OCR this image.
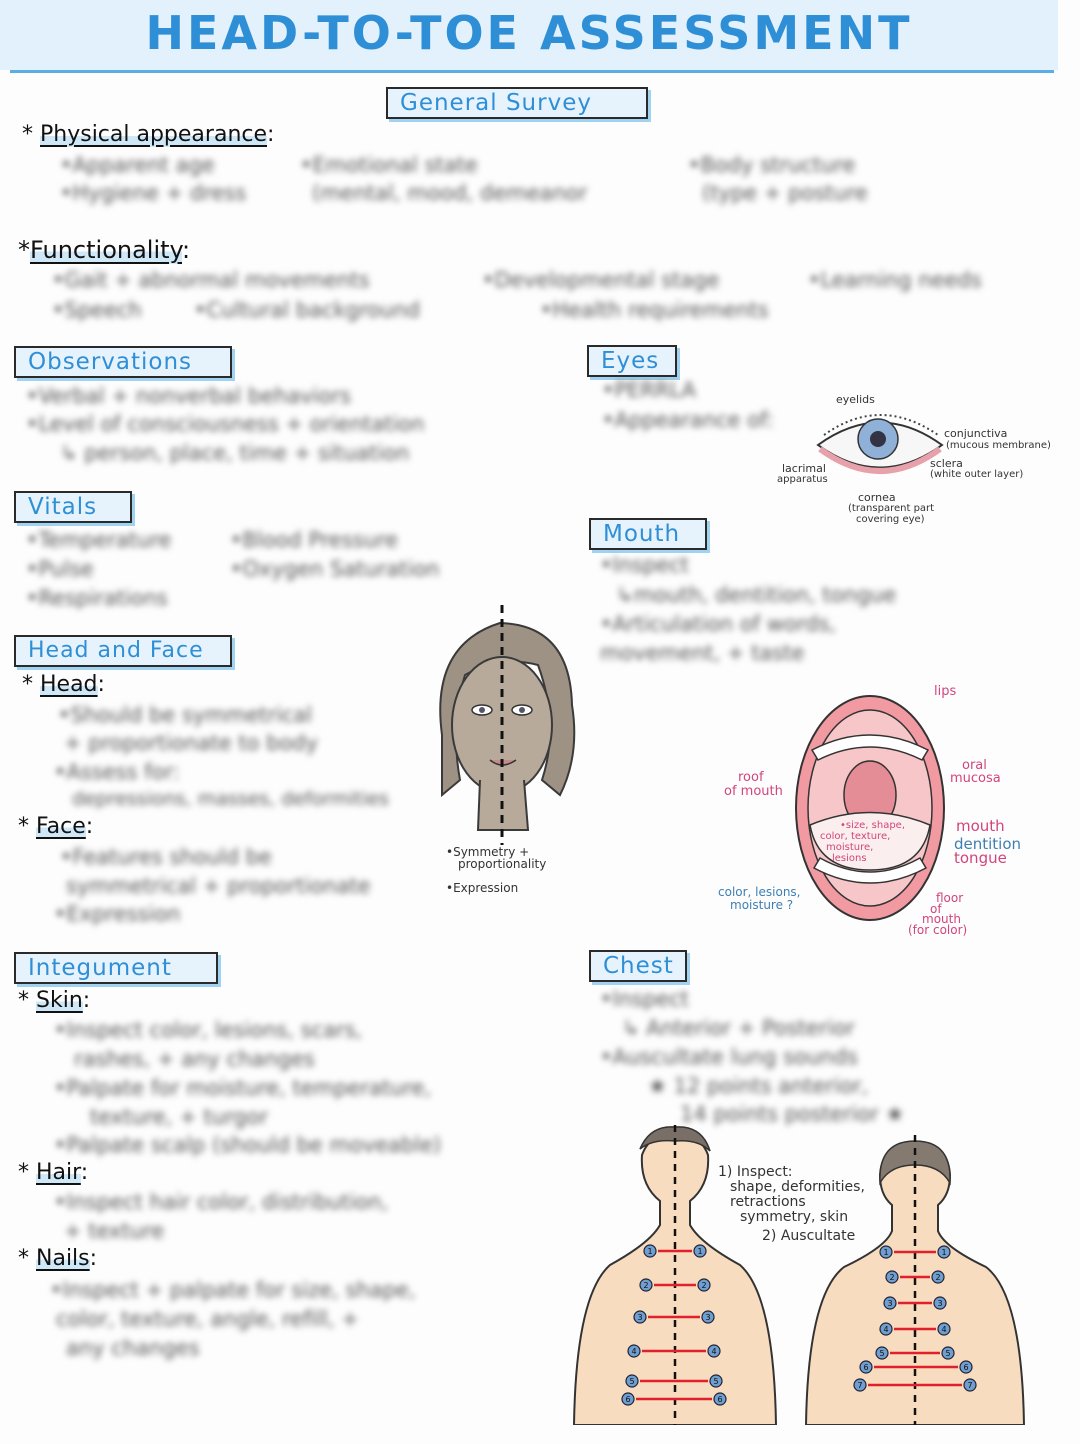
HEAD-TO-TOE ASSESSMENT
General Survey
* Physical appearance:
•Apparent age	•Emotional state	•Body structure
•Hygiene + dress	(mental, mood, demeanor	(type + posture
*Functionality:
•Gait + abnormal movements	•Developmental stage	•Learning needs
•Speech •Cultural background	•Health requirements
Observations
•Verbal + nonverbal behaviors
•Level of consciousness + orientation
↳ person, place, time + situation
Vitals
•Temperature	•Blood Pressure
•Pulse	•Oxygen Saturation
•Respirations
Head and Face
* Head:
•Should be symmetrical
+ proportionate to body
•Assess for:
depressions, masses, deformities
* Face:
•Features should be
symmetrical + proportionate
•Expression
•Symmetry +
proportionality
•Expression
Integument
* Skin:
•Inspect color, lesions, scars,
rashes, + any changes
•Palpate for moisture, temperature,
texture, + turgor
•Palpate scalp (should be moveable)
* Hair:
•Inspect hair color, distribution,
+ texture
* Nails:
•Inspect + palpate for size, shape,
color, texture, angle, refill, +
any changes
Eyes
•PERRLA
•Appearance of:
eyelids
conjunctiva
(mucous membrane)
sclera
(white outer layer)
lacrimal
apparatus
cornea
(transparent part
covering eye)
Mouth
•Inspect
↳mouth, dentition, tongue
•Articulation of words,
movement, + taste
lips
oral
mucosa
roof
of mouth
•size, shape,
color, texture,
moisture,
lesions
mouth
dentition
tongue
color, lesions,
moisture ?	floor
of
mouth
(for color)
Chest
•Inspect
↳ Anterior + Posterior
•Auscultate lung sounds
★ 12 points anterior,
14 points posterior ★
1) Inspect:
shape, deformities,
retractions
symmetry, skin
2) Auscultate
1	1
2	2
3	3
4	4
5	5
6	6
1	1
2	2
3	3
4	4
5	5
6	6
7	7
